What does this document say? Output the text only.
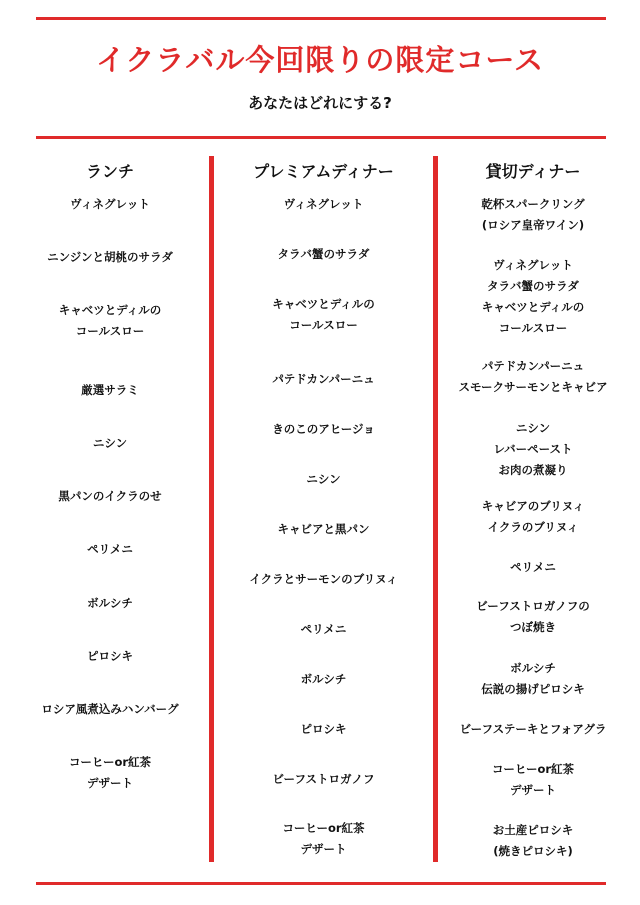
イクラバル今回限りの限定コース
あなたはどれにする?
ランチ	プレミアムディナー	貸切ディナー
ヴィネグレット
ニンジンと胡桃のサラダ
キャベツとディルの
コールスロー
厳選サラミ
ニシン
黒パンのイクラのせ
ペリメニ
ボルシチ
ピロシキ
ロシア風煮込みハンバーグ
コーヒーor紅茶
デザート
ヴィネグレット
タラバ蟹のサラダ
キャベツとディルの
コールスロー
パテドカンパーニュ
きのこのアヒージョ
ニシン
キャビアと黒パン
イクラとサーモンのブリヌィ
ペリメニ
ボルシチ
ピロシキ
ビーフストロガノフ
コーヒーor紅茶
デザート
乾杯スパークリング
(ロシア皇帝ワイン)
ヴィネグレット
タラバ蟹のサラダ
キャベツとディルの
コールスロー
パテドカンパーニュ
スモークサーモンとキャビア
ニシン
レバーペースト
お肉の煮凝り
キャビアのブリヌィ
イクラのブリヌィ
ペリメニ
ビーフストロガノフの
つぼ焼き
ボルシチ
伝説の揚げピロシキ
ビーフステーキとフォアグラ
コーヒーor紅茶
デザート
お土産ピロシキ
(焼きピロシキ)
